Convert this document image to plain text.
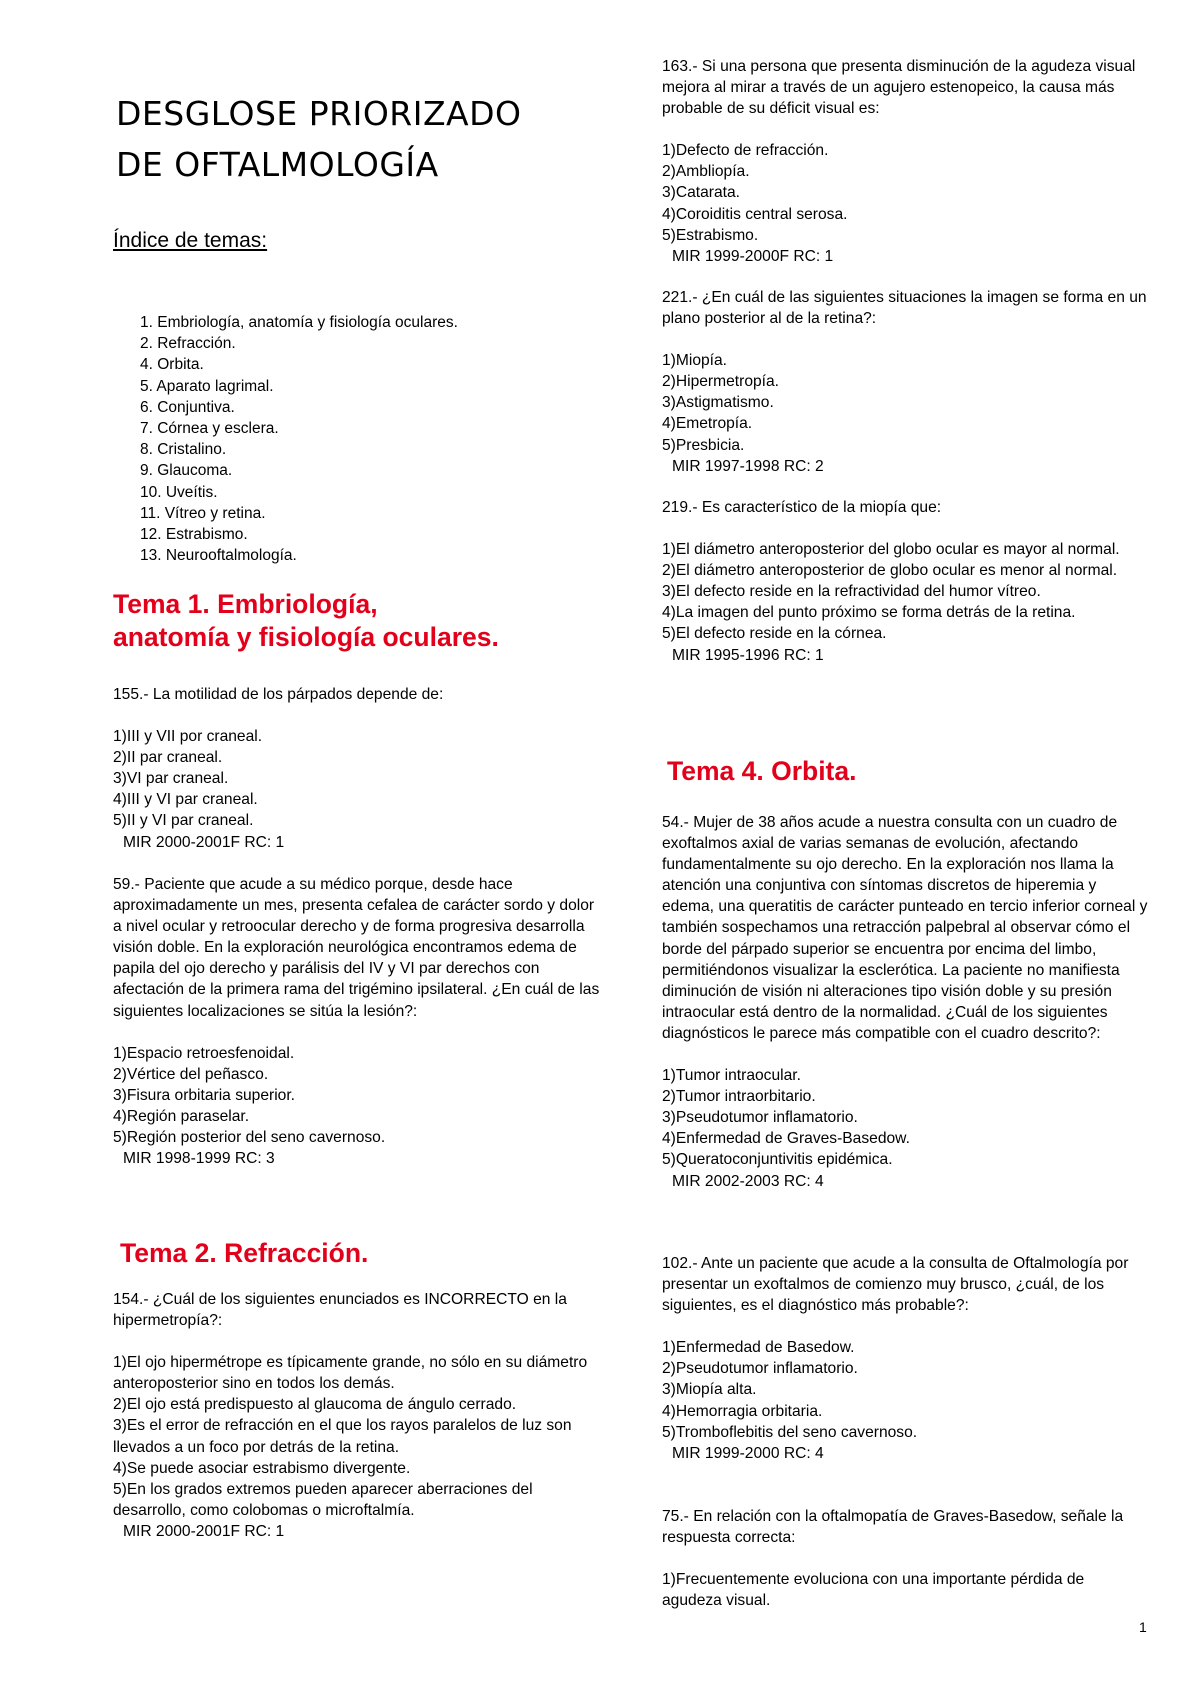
DESGLOSE PRIORIZADO
DE OFTALMOLOGÍA

Índice de temas:

1. Embriología, anatomía y fisiología oculares.
2. Refracción.
4. Orbita.
5. Aparato lagrimal.
6. Conjuntiva.
7. Córnea y esclera.
8. Cristalino.
9. Glaucoma.
10. Uveítis.
11. Vítreo y retina.
12. Estrabismo.
13. Neurooftalmología.
Tema 1. Embriología,
anatomía y fisiología oculares.

155.- La motilidad de los párpados depende de:

1)III y VII por craneal.

2)II par craneal.

3)VI par craneal.

4)III y VI par craneal.

5)II y VI par craneal.

MIR 2000-2001F RC: 1

59.- Paciente que acude a su médico porque, desde hace aproximadamente un mes, presenta cefalea de carácter sordo y dolor a nivel ocular y retroocular derecho y de forma progresiva desarrolla visión doble. En la exploración neurológica encontramos edema de papila del ojo derecho y parálisis del IV y VI par derechos con afectación de la primera rama del trigémino ipsilateral. ¿En cuál de las siguientes localizaciones se sitúa la lesión?:

1)Espacio retroesfenoidal.

2)Vértice del peñasco.

3)Fisura orbitaria superior.

4)Región paraselar.

5)Región posterior del seno cavernoso.

MIR 1998-1999 RC: 3

Tema 2. Refracción.

154.- ¿Cuál de los siguientes enunciados es INCORRECTO en la hipermetropía?:

1)El ojo hipermétrope es típicamente grande, no sólo en su diámetro anteroposterior sino en todos los demás.

2)El ojo está predispuesto al glaucoma de ángulo cerrado.

3)Es el error de refracción en el que los rayos paralelos de luz son llevados a un foco por detrás de la retina.

4)Se puede asociar estrabismo divergente.

5)En los grados extremos pueden aparecer aberraciones del desarrollo, como colobomas o microftalmía.

MIR 2000-2001F RC: 1

163.- Si una persona que presenta disminución de la agudeza visual mejora al mirar a través de un agujero estenopeico, la causa más probable de su déficit visual es:

1)Defecto de refracción.

2)Ambliopía.

3)Catarata.

4)Coroiditis central serosa.

5)Estrabismo.

MIR 1999-2000F RC: 1

221.- ¿En cuál de las siguientes situaciones la imagen se forma en un plano posterior al de la retina?:

1)Miopía.

2)Hipermetropía.

3)Astigmatismo.

4)Emetropía.

5)Presbicia.

MIR 1997-1998 RC: 2

219.- Es característico de la miopía que:

1)El diámetro anteroposterior del globo ocular es mayor al normal.

2)El diámetro anteroposterior de globo ocular es menor al normal.

3)El defecto reside en la refractividad del humor vítreo.

4)La imagen del punto próximo se forma detrás de la retina.

5)El defecto reside en la córnea.

MIR 1995-1996 RC: 1

Tema 4. Orbita.

54.- Mujer de 38 años acude a nuestra consulta con un cuadro de exoftalmos axial de varias semanas de evolución, afectando fundamentalmente su ojo derecho. En la exploración nos llama la atención una conjuntiva con síntomas discretos de hiperemia y edema, una queratitis de carácter punteado en tercio inferior corneal y también sospechamos una retracción palpebral al observar cómo el borde del párpado superior se encuentra por encima del limbo, permitiéndonos visualizar la esclerótica. La paciente no manifiesta diminución de visión ni alteraciones tipo visión doble y su presión intraocular está dentro de la normalidad. ¿Cuál de los siguientes diagnósticos le parece más compatible con el cuadro descrito?:

1)Tumor intraocular.

2)Tumor intraorbitario.

3)Pseudotumor inflamatorio.

4)Enfermedad de Graves-Basedow.

5)Queratoconjuntivitis epidémica.

MIR 2002-2003 RC: 4

102.- Ante un paciente que acude a la consulta de Oftalmología por presentar un exoftalmos de comienzo muy brusco, ¿cuál, de los siguientes, es el diagnóstico más probable?:

1)Enfermedad de Basedow.

2)Pseudotumor inflamatorio.

3)Miopía alta.

4)Hemorragia orbitaria.

5)Tromboflebitis del seno cavernoso.

MIR 1999-2000 RC: 4

75.- En relación con la oftalmopatía de Graves-Basedow, señale la respuesta correcta:

1)Frecuentemente evoluciona con una importante pérdida de agudeza visual.

1
